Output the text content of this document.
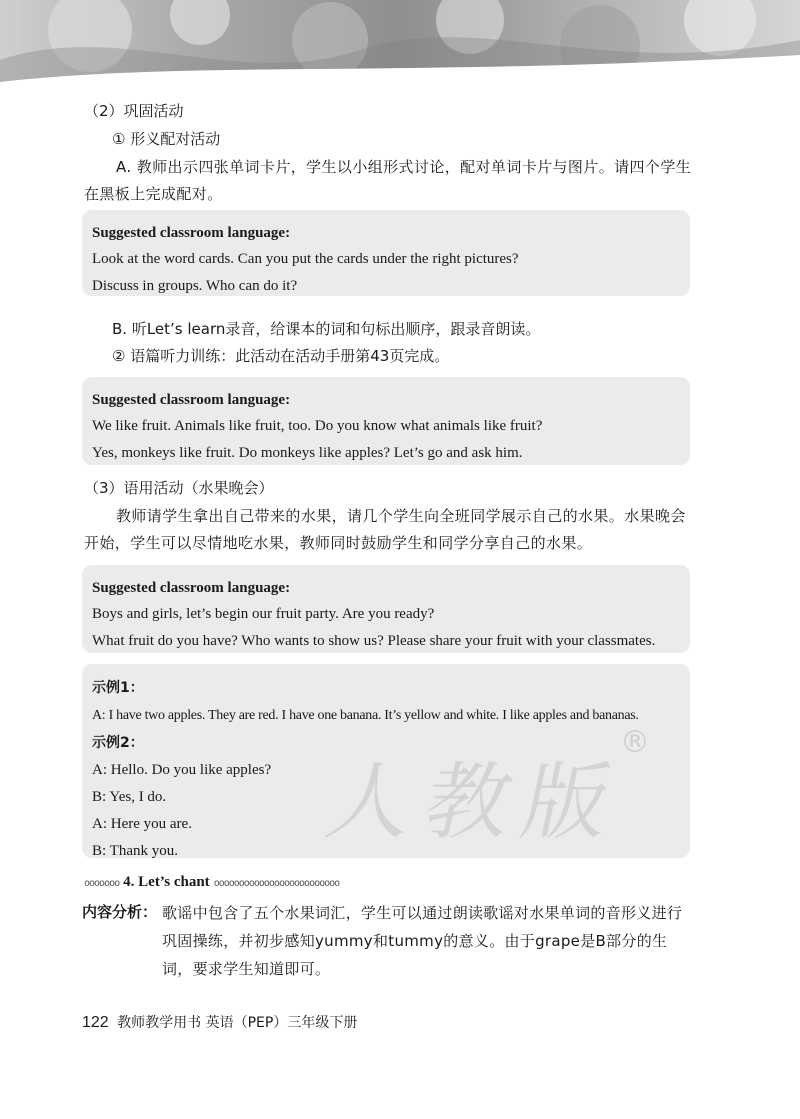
（2）巩固活动
① 形义配对活动
A. 教师出示四张单词卡片，学生以小组形式讨论，配对单词卡片与图片。请四个学生在黑板上完成配对。
Suggested classroom language:
Look at the word cards. Can you put the cards under the right pictures?
Discuss in groups. Who can do it?
B. 听Let’s learn录音，给课本的词和句标出顺序，跟录音朗读。
② 语篇听力训练：此活动在活动手册第43页完成。
Suggested classroom language:
We like fruit. Animals like fruit, too. Do you know what animals like fruit?
Yes, monkeys like fruit. Do monkeys like apples? Let’s go and ask him.
（3）语用活动（水果晚会）
教师请学生拿出自己带来的水果，请几个学生向全班同学展示自己的水果。水果晚会开始，学生可以尽情地吃水果，教师同时鼓励学生和同学分享自己的水果。
Suggested classroom language:
Boys and girls, let’s begin our fruit party. Are you ready?
What fruit do you have? Who wants to show us? Please share your fruit with your classmates.
示例1：
A: I have two apples. They are red. I have one banana. It’s yellow and white. I like apples and bananas.
示例2：
A: Hello. Do you like apples?
B: Yes, I do.
A: Here you are.
B: Thank you.	人教版
®
ooooooo 4. Let’s chant ooooooooooooooooooooooooo
内容分析： 歌谣中包含了五个水果词汇，学生可以通过朗读歌谣对水果单词的音形义进行巩固操练，并初步感知yummy和tummy的意义。由于grape是B部分的生词，要求学生知道即可。
122 教师教学用书 英语（PEP）三年级下册
